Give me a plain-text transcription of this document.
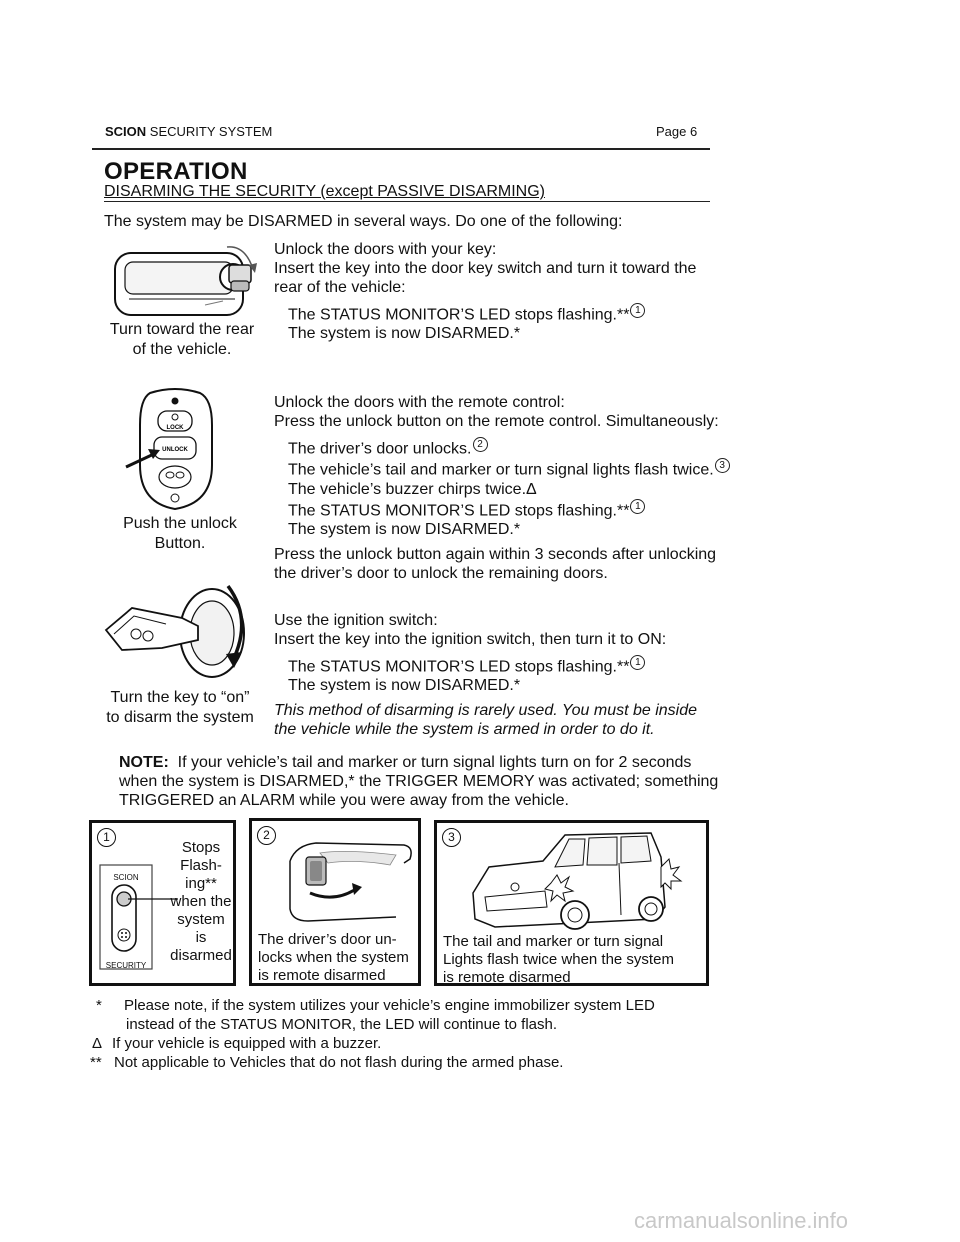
SCION SECURITY SYSTEM	Page 6
OPERATION
DISARMING THE SECURITY (except PASSIVE DISARMING)
The system may be DISARMED in several ways. Do one of the following:
Turn toward the rear
of the vehicle.
Unlock the doors with your key:
Insert the key into the door key switch and turn it toward the
rear of the vehicle:
The STATUS MONITOR’S LED stops flashing.** 1
The system is now DISARMED.*
LOCK
UNLOCK
Push the unlock
Button.
Unlock the doors with the remote control:
Press the unlock button on the remote control. Simultaneously:
The driver’s door unlocks. 2
The vehicle’s tail and marker or turn signal lights flash twice. 3
The vehicle’s buzzer chirps twice.Δ
The STATUS MONITOR’S LED stops flashing.** 1
The system is now DISARMED.*
Press the unlock button again within 3 seconds after unlocking
the driver’s door to unlock the remaining doors.
Turn the key to “on”
to disarm the system
Use the ignition switch:
Insert the key into the ignition switch, then turn it to ON:
The STATUS MONITOR’S LED stops flashing.** 1
The system is now DISARMED.*
This method of disarming is rarely used. You must be inside
the vehicle while the system is armed in order to do it.
NOTE: If your vehicle’s tail and marker or turn signal lights turn on for 2 seconds
when the system is DISARMED,* the TRIGGER MEMORY was activated; something
TRIGGERED an ALARM while you were away from the vehicle.
1
SCION
SECURITY
Stops
Flash-
ing**
when the
system
is
disarmed
2
The driver’s door un-
locks when the system
is remote disarmed
3
The tail and marker or turn signal
Lights flash twice when the system
is remote disarmed
* Please note, if the system utilizes your vehicle’s engine immobilizer system LED
instead of the STATUS MONITOR, the LED will continue to flash.
Δ If your vehicle is equipped with a buzzer.
** Not applicable to Vehicles that do not flash during the armed phase.
carmanualsonline.info
